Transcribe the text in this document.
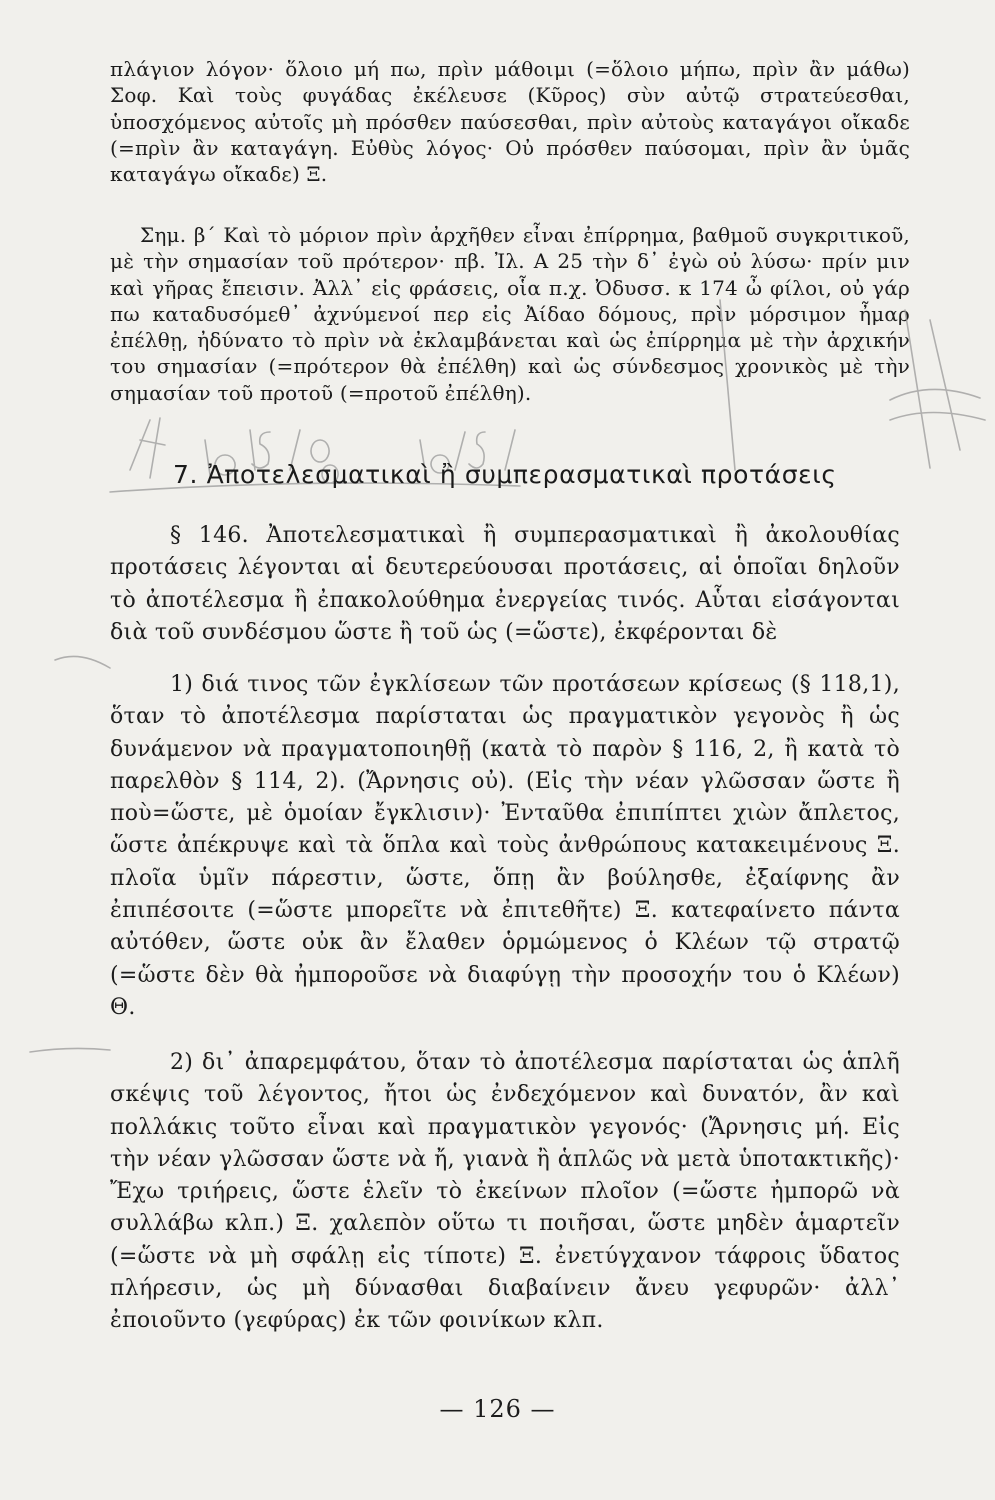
πλάγιον λόγον· ὅλοιο μή πω, πρὶν μάθοιμι (=ὅλοιο μήπω, πρὶν ἂν μάθω) Σοφ. Καὶ τοὺς φυγάδας ἐκέλευσε (Κῦρος) σὺν αὐτῷ στρατεύεσθαι, ὑποσχόμενος αὐτοῖς μὴ πρόσθεν παύσεσθαι, πρὶν αὐτοὺς καταγάγοι οἴκαδε (=πρὶν ἂν καταγάγη. Εὐθὺς λόγος· Οὐ πρόσθεν παύσομαι, πρὶν ἂν ὑμᾶς καταγάγω οἴκαδε) Ξ.

Σημ. β΄ Καὶ τὸ μόριον πρὶν ἀρχῆθεν εἶναι ἐπίρρημα, βαθμοῦ συγκριτικοῦ, μὲ τὴν σημασίαν τοῦ πρότερον· πβ. Ἰλ. Α 25 τὴν δ᾽ ἐγὼ οὐ λύσω· πρίν μιν καὶ γῆρας ἔπεισιν. Ἀλλ᾽ εἰς φράσεις, οἷα π.χ. Ὀδυσσ. κ 174 ὦ φίλοι, οὐ γάρ πω καταδυσόμεθ᾽ ἀχνύμενοί περ εἰς Ἀίδαο δόμους, πρὶν μόρσιμον ἦμαρ ἐπέλθῃ, ἠδύνατο τὸ πρὶν νὰ ἐκλαμβάνεται καὶ ὡς ἐπίρρημα μὲ τὴν ἀρχικήν του σημασίαν (=πρότερον θὰ ἐπέλθη) καὶ ὡς σύνδεσμος χρονικὸς μὲ τὴν σημασίαν τοῦ προτοῦ (=προτοῦ ἐπέλθη).

7. Ἀποτελεσματικαὶ ἢ συμπερασματικαὶ προτάσεις

§ 146. Ἀποτελεσματικαὶ ἢ συμπερασματικαὶ ἢ ἀκολουθίας προτάσεις λέγονται αἱ δευτερεύουσαι προτάσεις, αἱ ὁποῖαι δηλοῦν τὸ ἀποτέλεσμα ἢ ἐπακολούθημα ἐνεργείας τινός. Αὗται εἰσάγονται διὰ τοῦ συνδέσμου ὥστε ἢ τοῦ ὡς (=ὥστε), ἐκφέρονται δὲ

1) διά τινος τῶν ἐγκλίσεων τῶν προτάσεων κρίσεως (§ 118,1), ὅταν τὸ ἀποτέλεσμα παρίσταται ὡς πραγματικὸν γεγονὸς ἢ ὡς δυνάμενον νὰ πραγματοποιηθῇ (κατὰ τὸ παρὸν § 116, 2, ἢ κατὰ τὸ παρελθὸν § 114, 2). (Ἄρνησις οὐ). (Εἰς τὴν νέαν γλῶσσαν ὥστε ἢ ποὺ=ὥστε, μὲ ὁμοίαν ἔγκλισιν)· Ἐνταῦθα ἐπιπίπτει χιὼν ἄπλετος, ὥστε ἀπέκρυψε καὶ τὰ ὅπλα καὶ τοὺς ἀνθρώπους κατακειμένους Ξ. πλοῖα ὑμῖν πάρεστιν, ὥστε, ὅπῃ ἂν βούλησθε, ἐξαίφνης ἂν ἐπιπέσοιτε (=ὥστε μπορεῖτε νὰ ἐπιτεθῆτε) Ξ. κατεφαίνετο πάντα αὐτόθεν, ὥστε οὐκ ἂν ἔλαθεν ὁρμώμενος ὁ Κλέων τῷ στρατῷ (=ὥστε δὲν θὰ ἠμποροῦσε νὰ διαφύγῃ τὴν προσοχήν του ὁ Κλέων) Θ.

2) δι᾽ ἀπαρεμφάτου, ὅταν τὸ ἀποτέλεσμα παρίσταται ὡς ἁπλῆ σκέψις τοῦ λέγοντος, ἤτοι ὡς ἐνδεχόμενον καὶ δυνατόν, ἂν καὶ πολλάκις τοῦτο εἶναι καὶ πραγματικὸν γεγονός· (Ἄρνησις μή. Εἰς τὴν νέαν γλῶσσαν ὥστε νὰ ἤ, γιανὰ ἢ ἁπλῶς νὰ μετὰ ὑποτακτικῆς)· Ἔχω τριήρεις, ὥστε ἑλεῖν τὸ ἐκείνων πλοῖον (=ὥστε ἠμπορῶ νὰ συλλάβω κλπ.) Ξ. χαλεπὸν οὕτω τι ποιῆσαι, ὥστε μηδὲν ἁμαρτεῖν (=ὥστε νὰ μὴ σφάλῃ εἰς τίποτε) Ξ. ἐνετύγχανον τάφροις ὕδατος πλήρεσιν, ὡς μὴ δύνασθαι διαβαίνειν ἄνευ γεφυρῶν· ἀλλ᾽ ἐποιοῦντο (γεφύρας) ἐκ τῶν φοινίκων κλπ.

— 126 —
